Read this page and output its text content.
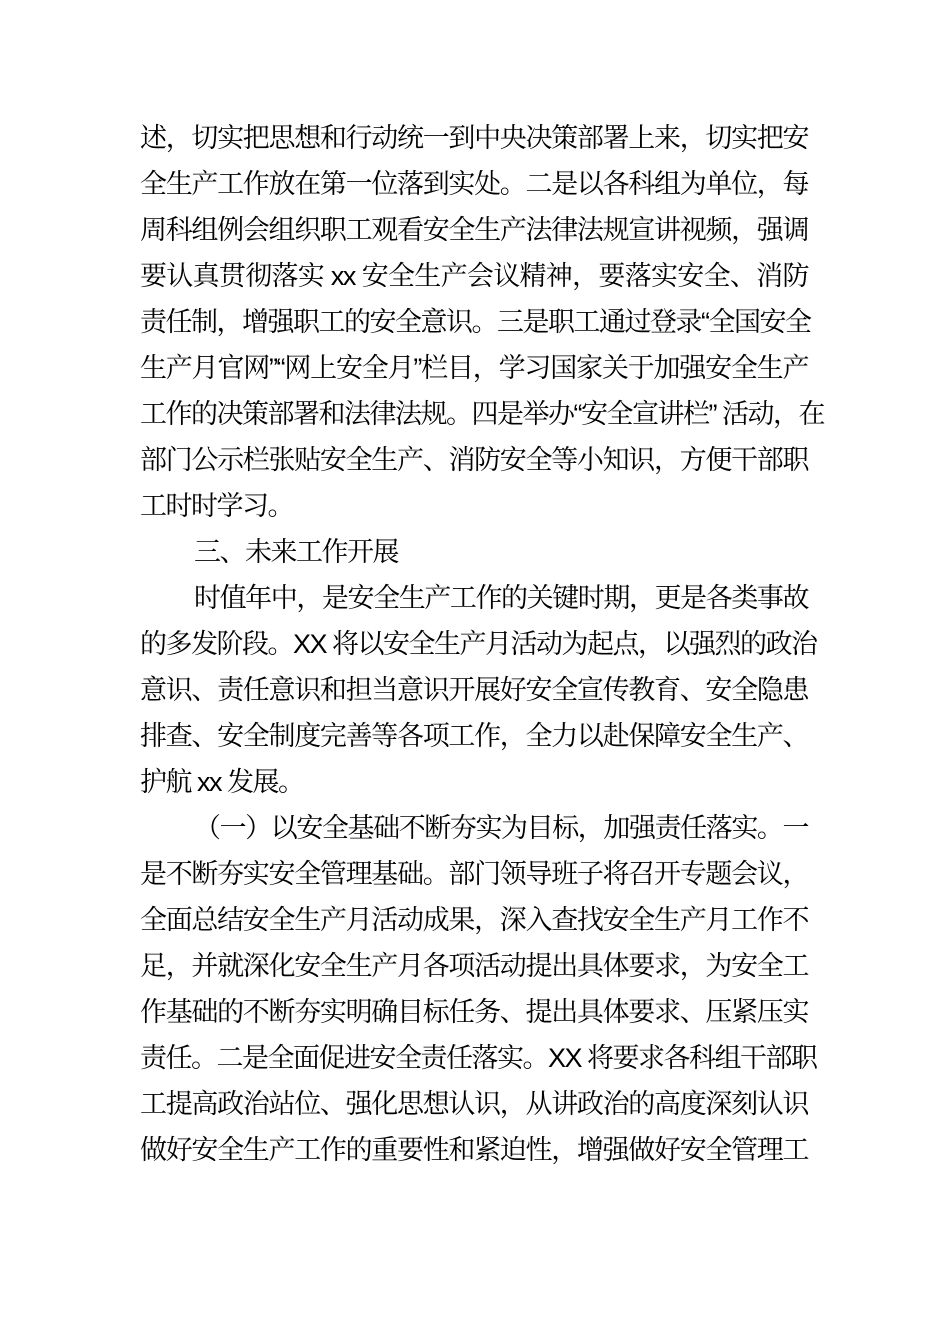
述，切实把思想和行动统一到中央决策部署上来，切实把安
全生产工作放在第一位落到实处。二是以各科组为单位，每
周科组例会组织职工观看安全生产法律法规宣讲视频，强调
要认真贯彻落实 xx 安全生产会议精神，要落实安全、消防
责任制，增强职工的安全意识。三是职工通过登录“全国安全
生产月官网”“网上安全月”栏目，学习国家关于加强安全生产
工作的决策部署和法律法规。四是举办“安全宣讲栏” 活动，在
部门公示栏张贴安全生产、消防安全等小知识，方便干部职
工时时学习。
三、未来工作开展
时值年中，是安全生产工作的关键时期，更是各类事故
的多发阶段。XX 将以安全生产月活动为起点，以强烈的政治
意识、责任意识和担当意识开展好安全宣传教育、安全隐患
排查、安全制度完善等各项工作，全力以赴保障安全生产、
护航 xx 发展。
（一）以安全基础不断夯实为目标，加强责任落实。一
是不断夯实安全管理基础。部门领导班子将召开专题会议，
全面总结安全生产月活动成果，深入查找安全生产月工作不
足，并就深化安全生产月各项活动提出具体要求，为安全工
作基础的不断夯实明确目标任务、提出具体要求、压紧压实
责任。二是全面促进安全责任落实。XX 将要求各科组干部职
工提高政治站位、强化思想认识，从讲政治的高度深刻认识
做好安全生产工作的重要性和紧迫性，增强做好安全管理工
